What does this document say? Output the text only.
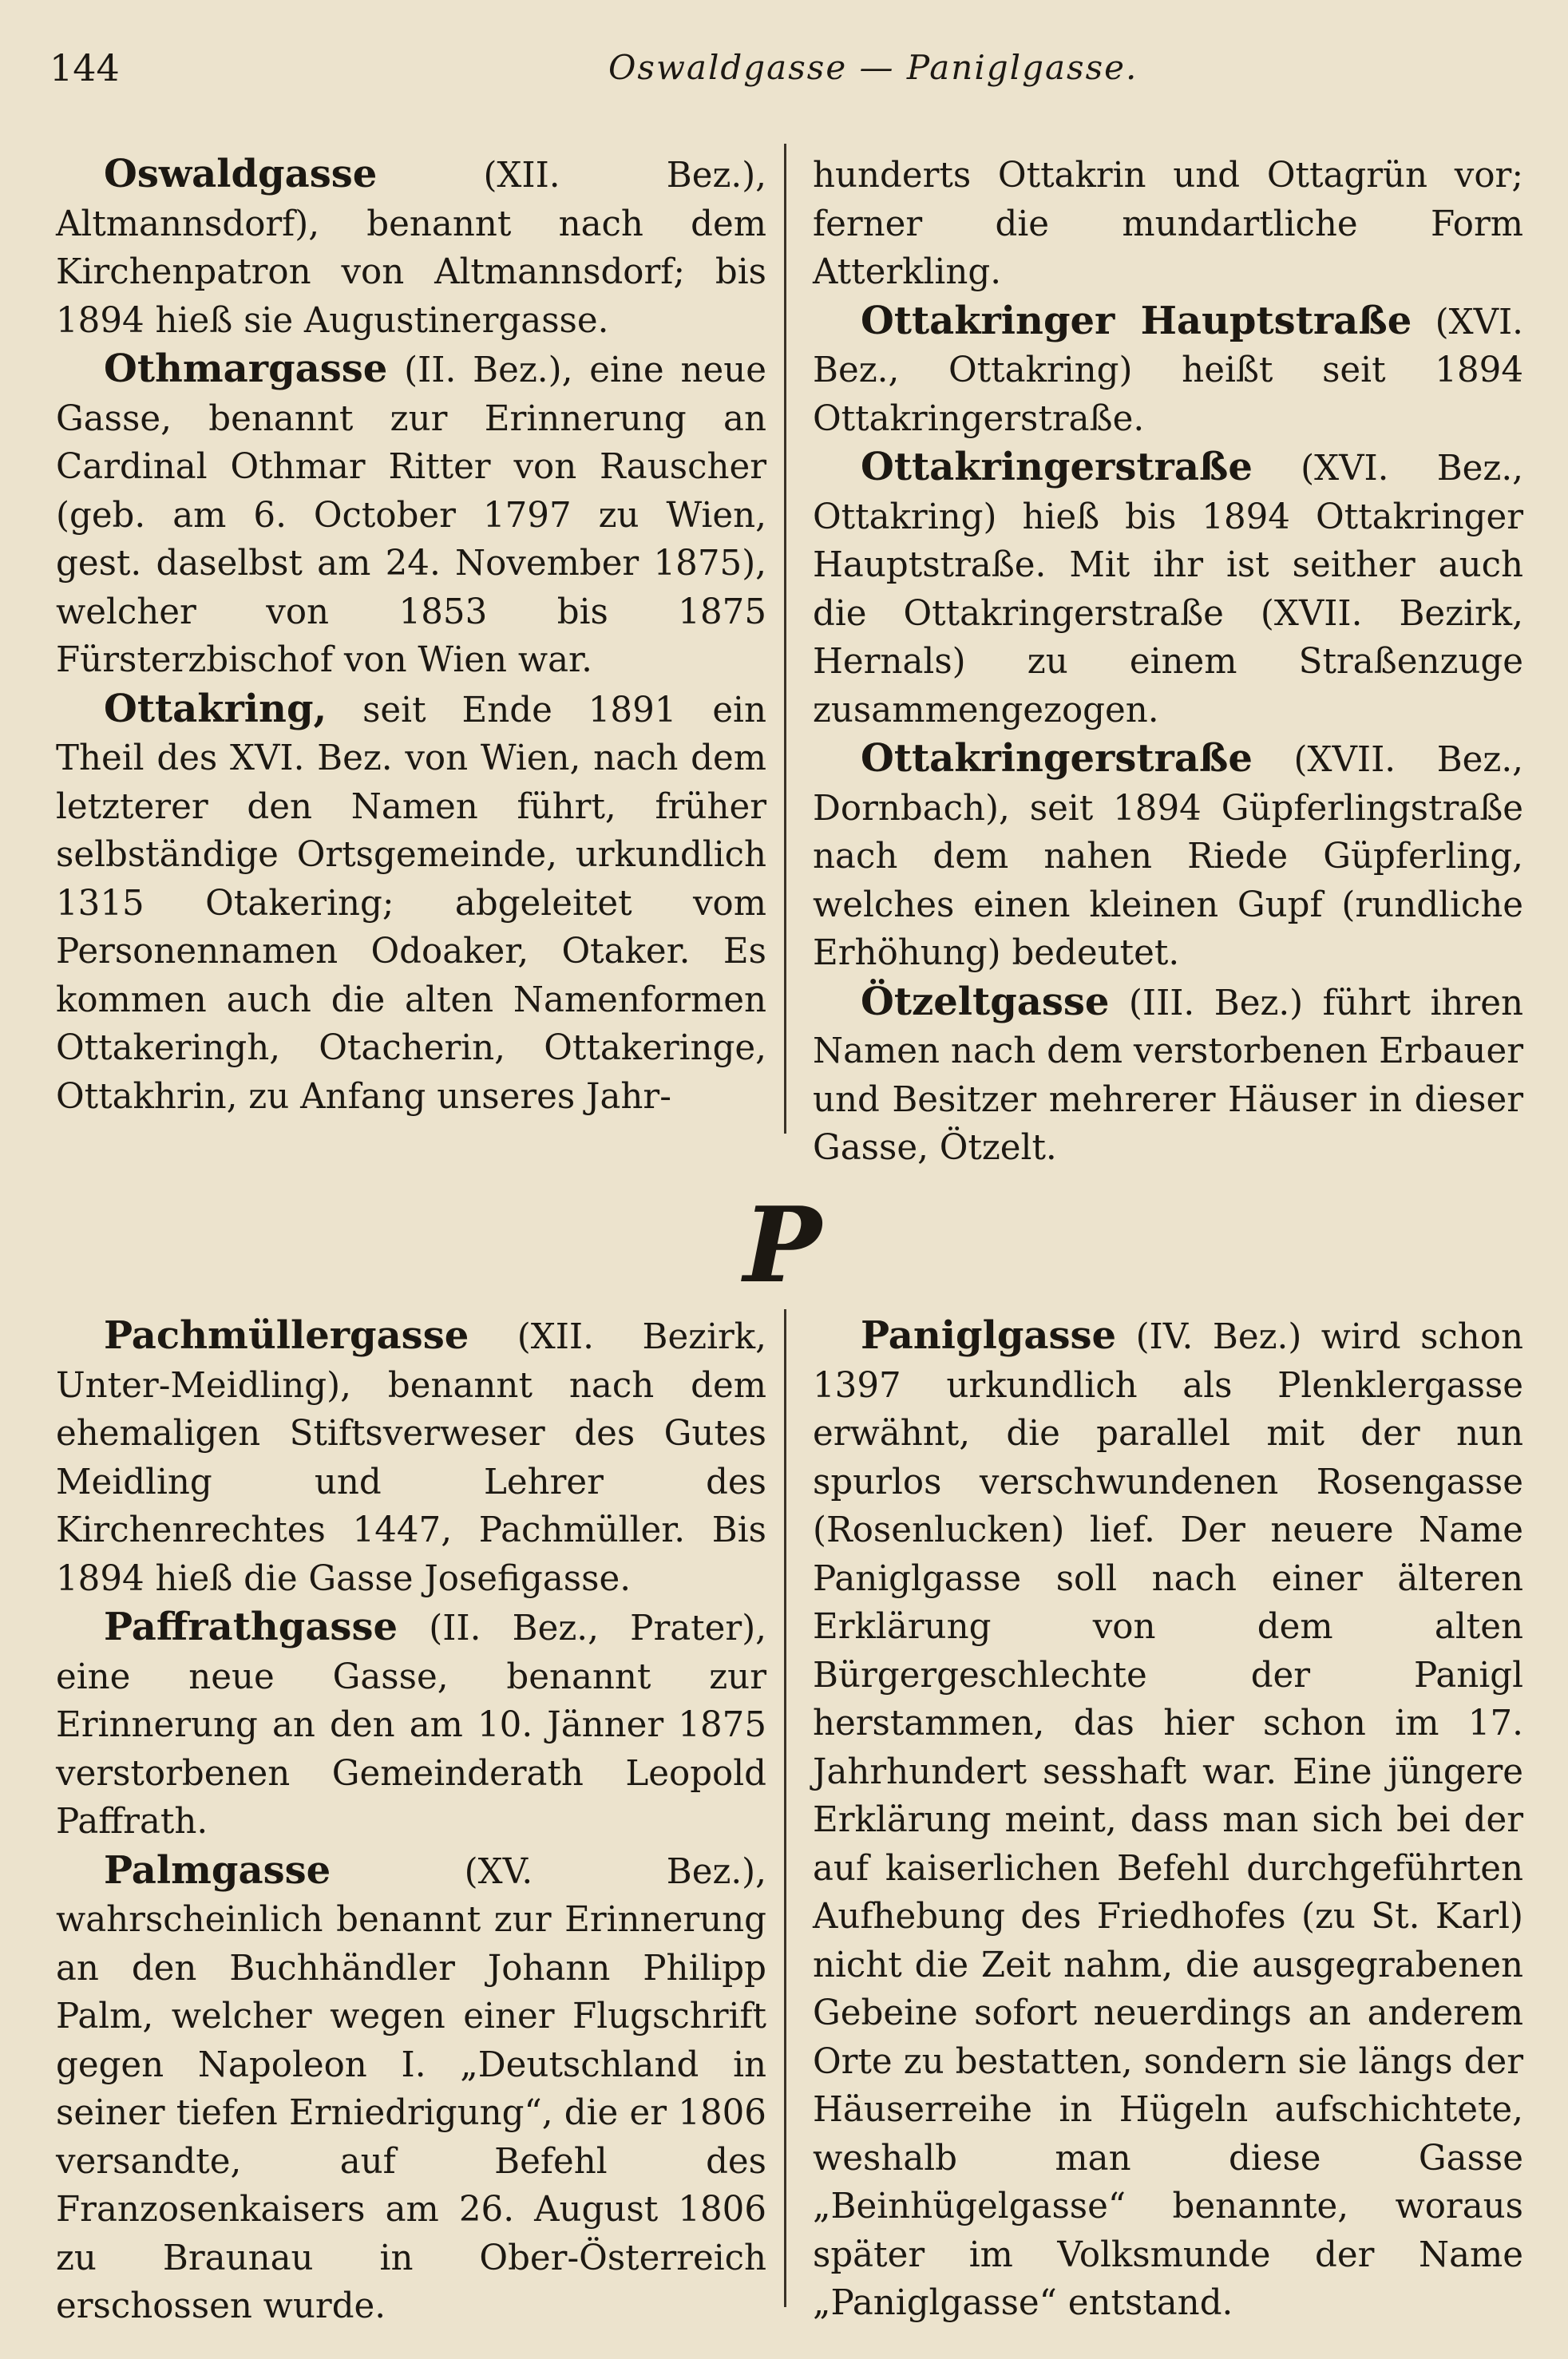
144	Oswaldgasse — Paniglgasse.

Oswaldgasse (XII. Bez.), Altmannsdorf), benannt nach dem Kirchenpatron von Altmannsdorf; bis 1894 hieß sie Augustinergasse.

Othmargasse (II. Bez.), eine neue Gasse, benannt zur Erinnerung an Cardinal Othmar Ritter von Rauscher (geb. am 6. October 1797 zu Wien, gest. daselbst am 24. November 1875), welcher von 1853 bis 1875 Fürsterzbischof von Wien war.

Ottakring, seit Ende 1891 ein Theil des XVI. Bez. von Wien, nach dem letzterer den Namen führt, früher selbständige Ortsgemeinde, urkundlich 1315 Otakering; abgeleitet vom Personennamen Odoaker, Otaker. Es kommen auch die alten Namenformen Ottakeringh, Otacherin, Ottakeringe, Ottakhrin, zu Anfang unseres Jahr-

hunderts Ottakrin und Ottagrün vor; ferner die mundartliche Form Atterkling.

Ottakringer Hauptstraße (XVI. Bez., Ottakring) heißt seit 1894 Ottakringerstraße.

Ottakringerstraße (XVI. Bez., Ottakring) hieß bis 1894 Ottakringer Hauptstraße. Mit ihr ist seither auch die Ottakringerstraße (XVII. Bezirk, Hernals) zu einem Straßenzuge zusammengezogen.

Ottakringerstraße (XVII. Bez., Dornbach), seit 1894 Güpferlingstraße nach dem nahen Riede Güpferling, welches einen kleinen Gupf (rundliche Erhöhung) bedeutet.

Ötzeltgasse (III. Bez.) führt ihren Namen nach dem verstorbenen Erbauer und Besitzer mehrerer Häuser in dieser Gasse, Ötzelt.

P

Pachmüllergasse (XII. Bezirk, Unter-Meidling), benannt nach dem ehemaligen Stiftsverweser des Gutes Meidling und Lehrer des Kirchenrechtes 1447, Pachmüller. Bis 1894 hieß die Gasse Josefigasse.

Paffrathgasse (II. Bez., Prater), eine neue Gasse, benannt zur Erinnerung an den am 10. Jänner 1875 verstorbenen Gemeinderath Leopold Paffrath.

Palmgasse (XV. Bez.), wahrscheinlich benannt zur Erinnerung an den Buchhändler Johann Philipp Palm, welcher wegen einer Flugschrift gegen Napoleon I. „Deutschland in seiner tiefen Erniedrigung“, die er 1806 versandte, auf Befehl des Franzosenkaisers am 26. August 1806 zu Braunau in Ober-Österreich erschossen wurde.

Paniglgasse (IV. Bez.) wird schon 1397 urkundlich als Plenklergasse erwähnt, die parallel mit der nun spurlos verschwundenen Rosengasse (Rosenlucken) lief. Der neuere Name Paniglgasse soll nach einer älteren Erklärung von dem alten Bürgergeschlechte der Panigl herstammen, das hier schon im 17. Jahrhundert sesshaft war. Eine jüngere Erklärung meint, dass man sich bei der auf kaiserlichen Befehl durchgeführten Aufhebung des Friedhofes (zu St. Karl) nicht die Zeit nahm, die ausgegrabenen Gebeine sofort neuerdings an anderem Orte zu bestatten, sondern sie längs der Häuserreihe in Hügeln aufschichtete, weshalb man diese Gasse „Beinhügelgasse“ benannte, woraus später im Volksmunde der Name „Paniglgasse“ entstand.
